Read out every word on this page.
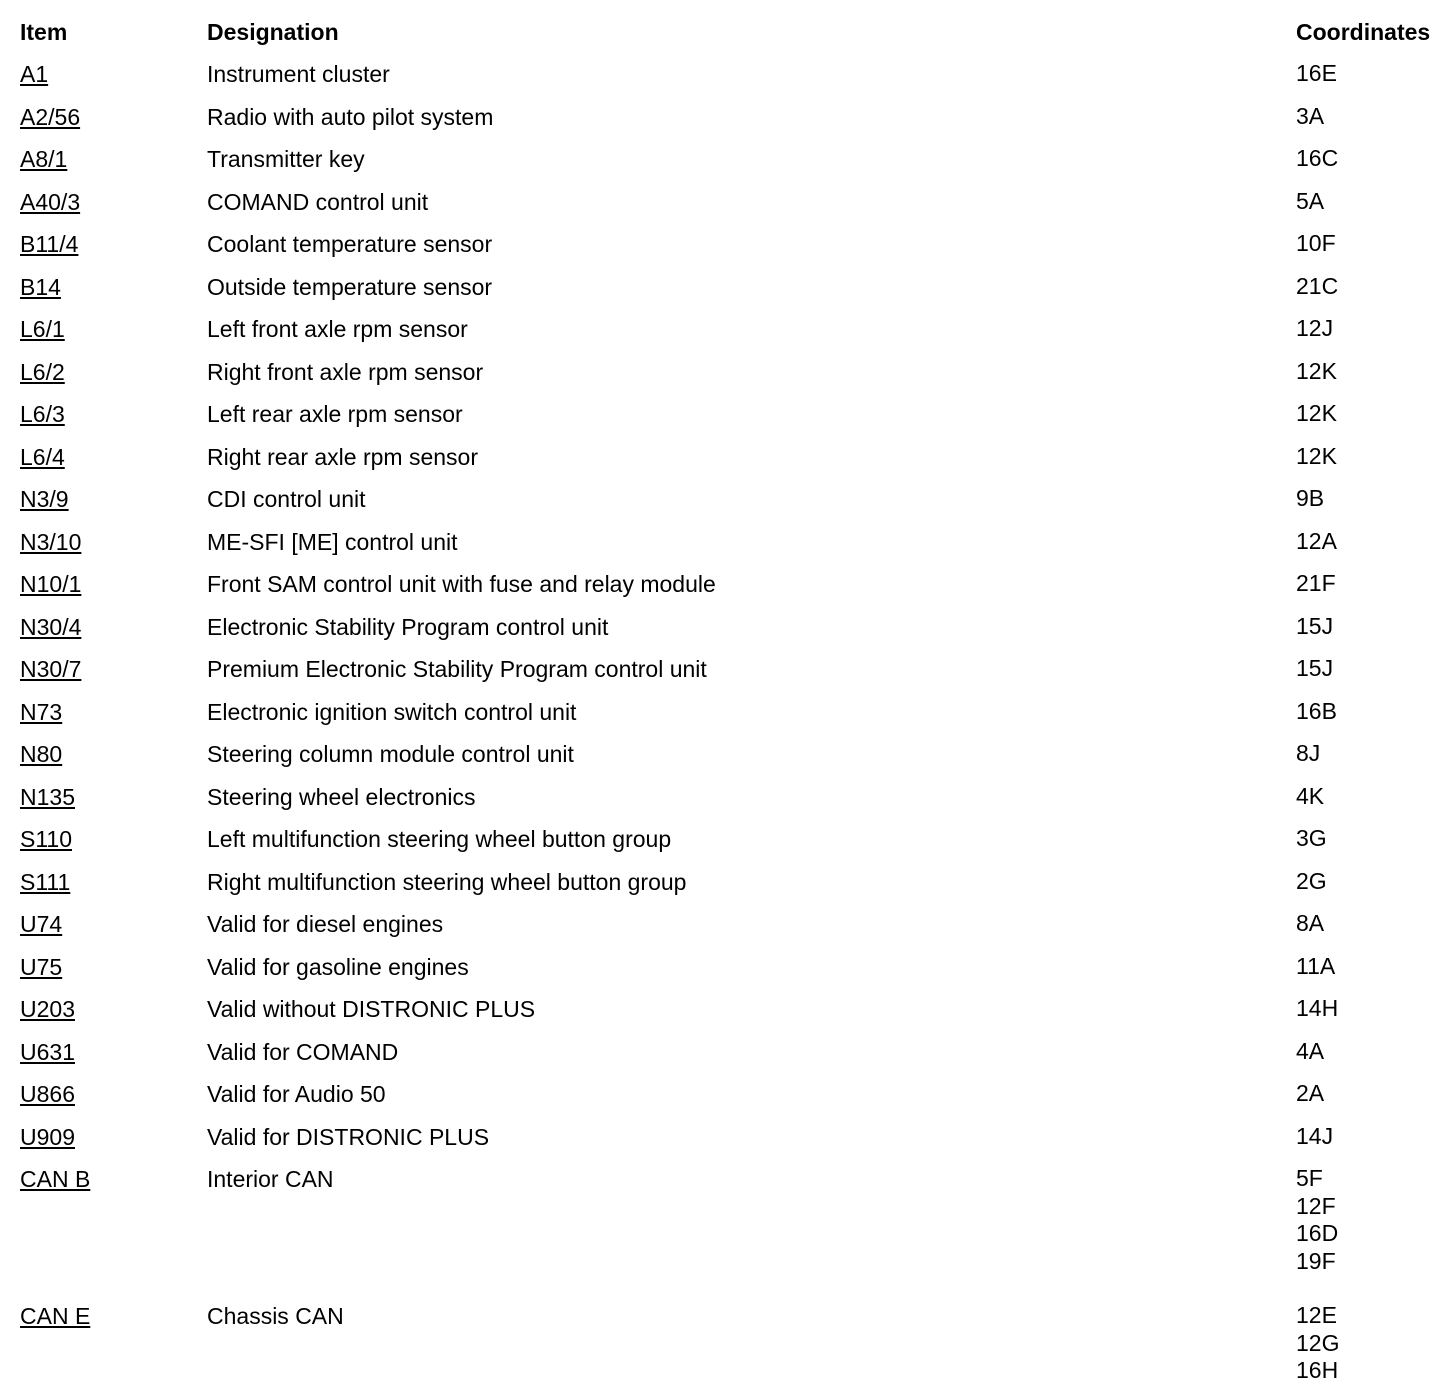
Item	Designation	Coordinates
A1	Instrument cluster	16E

A2/56	Radio with auto pilot system	3A

A8/1	Transmitter key	16C

A40/3	COMAND control unit	5A

B11/4	Coolant temperature sensor	10F

B14	Outside temperature sensor	21C

L6/1	Left front axle rpm sensor	12J

L6/2	Right front axle rpm sensor	12K

L6/3	Left rear axle rpm sensor	12K

L6/4	Right rear axle rpm sensor	12K

N3/9	CDI control unit	9B

N3/10	ME-SFI [ME] control unit	12A

N10/1	Front SAM control unit with fuse and relay module	21F

N30/4	Electronic Stability Program control unit	15J

N30/7	Premium Electronic Stability Program control unit	15J

N73	Electronic ignition switch control unit	16B

N80	Steering column module control unit	8J

N135	Steering wheel electronics	4K

S110	Left multifunction steering wheel button group	3G

S111	Right multifunction steering wheel button group	2G

U74	Valid for diesel engines	8A

U75	Valid for gasoline engines	11A

U203	Valid without DISTRONIC PLUS	14H

U631	Valid for COMAND	4A

U866	Valid for Audio 50	2A

U909	Valid for DISTRONIC PLUS	14J

CAN B	Interior CAN	5F
12F
16D
19F

CAN E	Chassis CAN	12E
12G
16H
